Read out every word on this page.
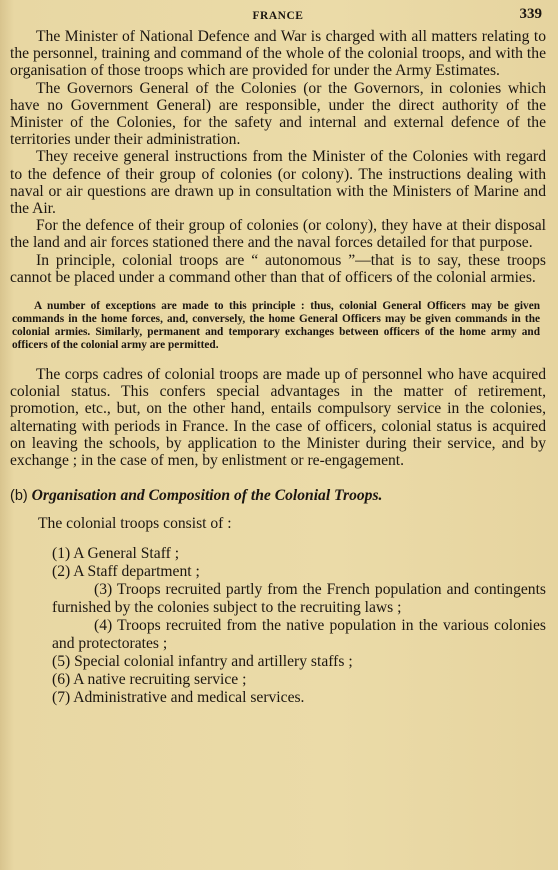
FRANCE	339

The Minister of National Defence and War is charged with all matters relating to the personnel, training and command of the whole of the colonial troops, and with the organisation of those troops which are provided for under the Army Estimates.

The Governors General of the Colonies (or the Governors, in colonies which have no Government General) are responsible, under the direct authority of the Minister of the Colonies, for the safety and internal and external defence of the territories under their administration.

They receive general instructions from the Minister of the Colonies with regard to the defence of their group of colonies (or colony). The instructions dealing with naval or air questions are drawn up in consultation with the Ministers of Marine and the Air.

For the defence of their group of colonies (or colony), they have at their disposal the land and air forces stationed there and the naval forces detailed for that purpose.

In principle, colonial troops are “ autonomous ”—that is to say, these troops cannot be placed under a command other than that of officers of the colonial armies.

A number of exceptions are made to this principle : thus, colonial General Officers may be given commands in the home forces, and, conversely, the home General Officers may be given commands in the colonial armies. Similarly, permanent and temporary exchanges between officers of the home army and officers of the colonial army are permitted.

The corps cadres of colonial troops are made up of personnel who have acquired colonial status. This confers special advantages in the matter of retirement, promotion, etc., but, on the other hand, entails compulsory service in the colonies, alternating with periods in France. In the case of officers, colonial status is acquired on leaving the schools, by application to the Minister during their service, and by exchange ; in the case of men, by enlistment or re-engagement.

(b) Organisation and Composition of the Colonial Troops.
The colonial troops consist of :
(1) A General Staff ;
(2) A Staff department ;
(3) Troops recruited partly from the French population and contingents furnished by the colonies subject to the recruiting laws ;
(4) Troops recruited from the native population in the various colonies and protectorates ;
(5) Special colonial infantry and artillery staffs ;
(6) A native recruiting service ;
(7) Administrative and medical services.
